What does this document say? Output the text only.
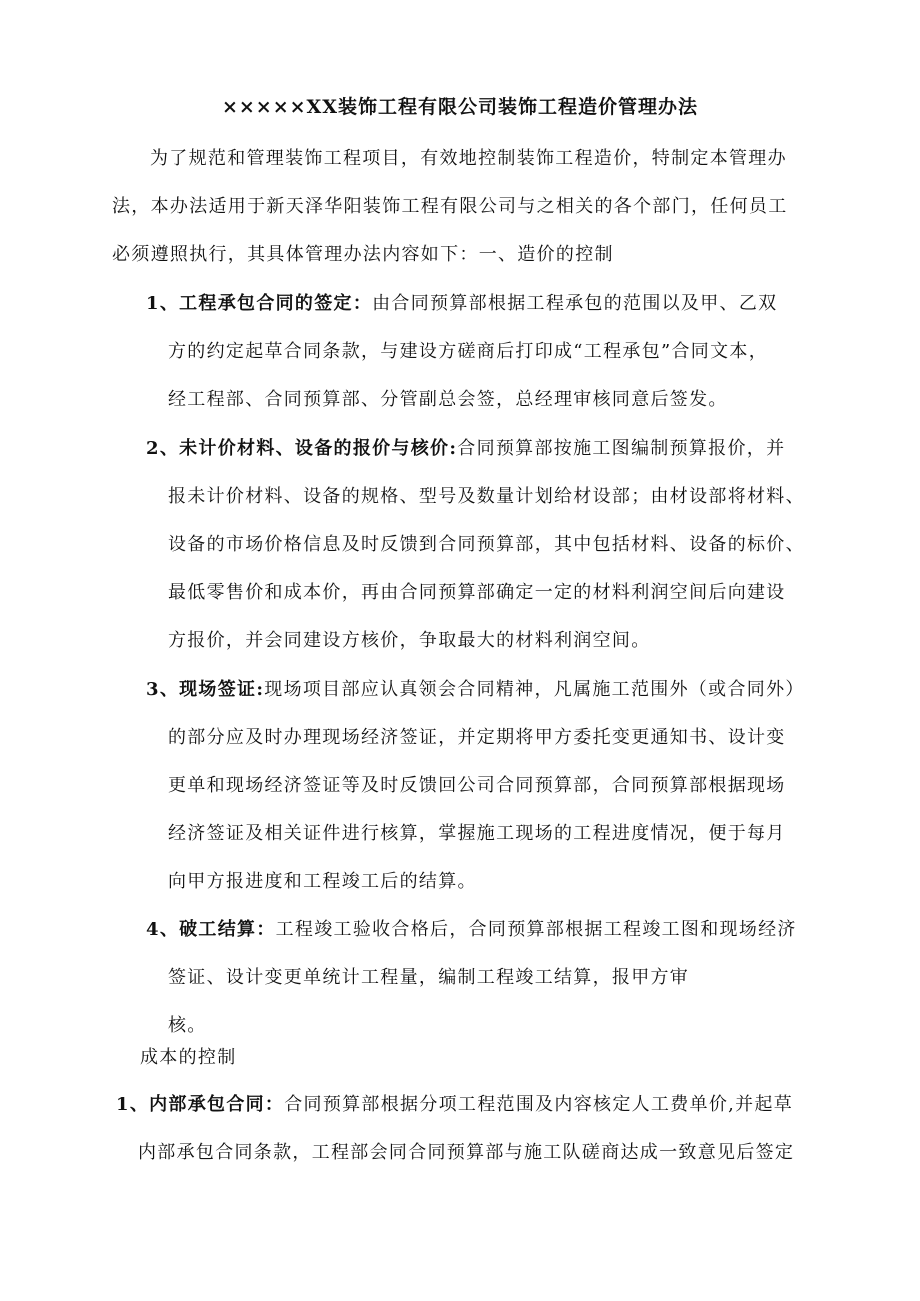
×××××XX装饰工程有限公司装饰工程造价管理办法
为了规范和管理装饰工程项目，有效地控制装饰工程造价，特制定本管理办
法，本办法适用于新天泽华阳装饰工程有限公司与之相关的各个部门，任何员工
必须遵照执行，其具体管理办法内容如下：一、造价的控制
1、工程承包合同的签定：由合同预算部根据工程承包的范围以及甲、乙双
方的约定起草合同条款，与建设方磋商后打印成“工程承包”合同文本，
经工程部、合同预算部、分管副总会签，总经理审核同意后签发。
2、未计价材料、设备的报价与核价:合同预算部按施工图编制预算报价，并
报未计价材料、设备的规格、型号及数量计划给材设部；由材设部将材料、
设备的市场价格信息及时反馈到合同预算部，其中包括材料、设备的标价、
最低零售价和成本价，再由合同预算部确定一定的材料利润空间后向建设
方报价，并会同建设方核价，争取最大的材料利润空间。
3、现场签证:现场项目部应认真领会合同精神，凡属施工范围外（或合同外）
的部分应及时办理现场经济签证，并定期将甲方委托变更通知书、设计变
更单和现场经济签证等及时反馈回公司合同预算部，合同预算部根据现场
经济签证及相关证件进行核算，掌握施工现场的工程进度情况，便于每月
向甲方报进度和工程竣工后的结算。
4、破工结算：工程竣工验收合格后，合同预算部根据工程竣工图和现场经济
签证、设计变更单统计工程量，编制工程竣工结算，报甲方审
核。
成本的控制
1、内部承包合同：合同预算部根据分项工程范围及内容核定人工费单价,并起草
内部承包合同条款，工程部会同合同预算部与施工队磋商达成一致意见后签定
